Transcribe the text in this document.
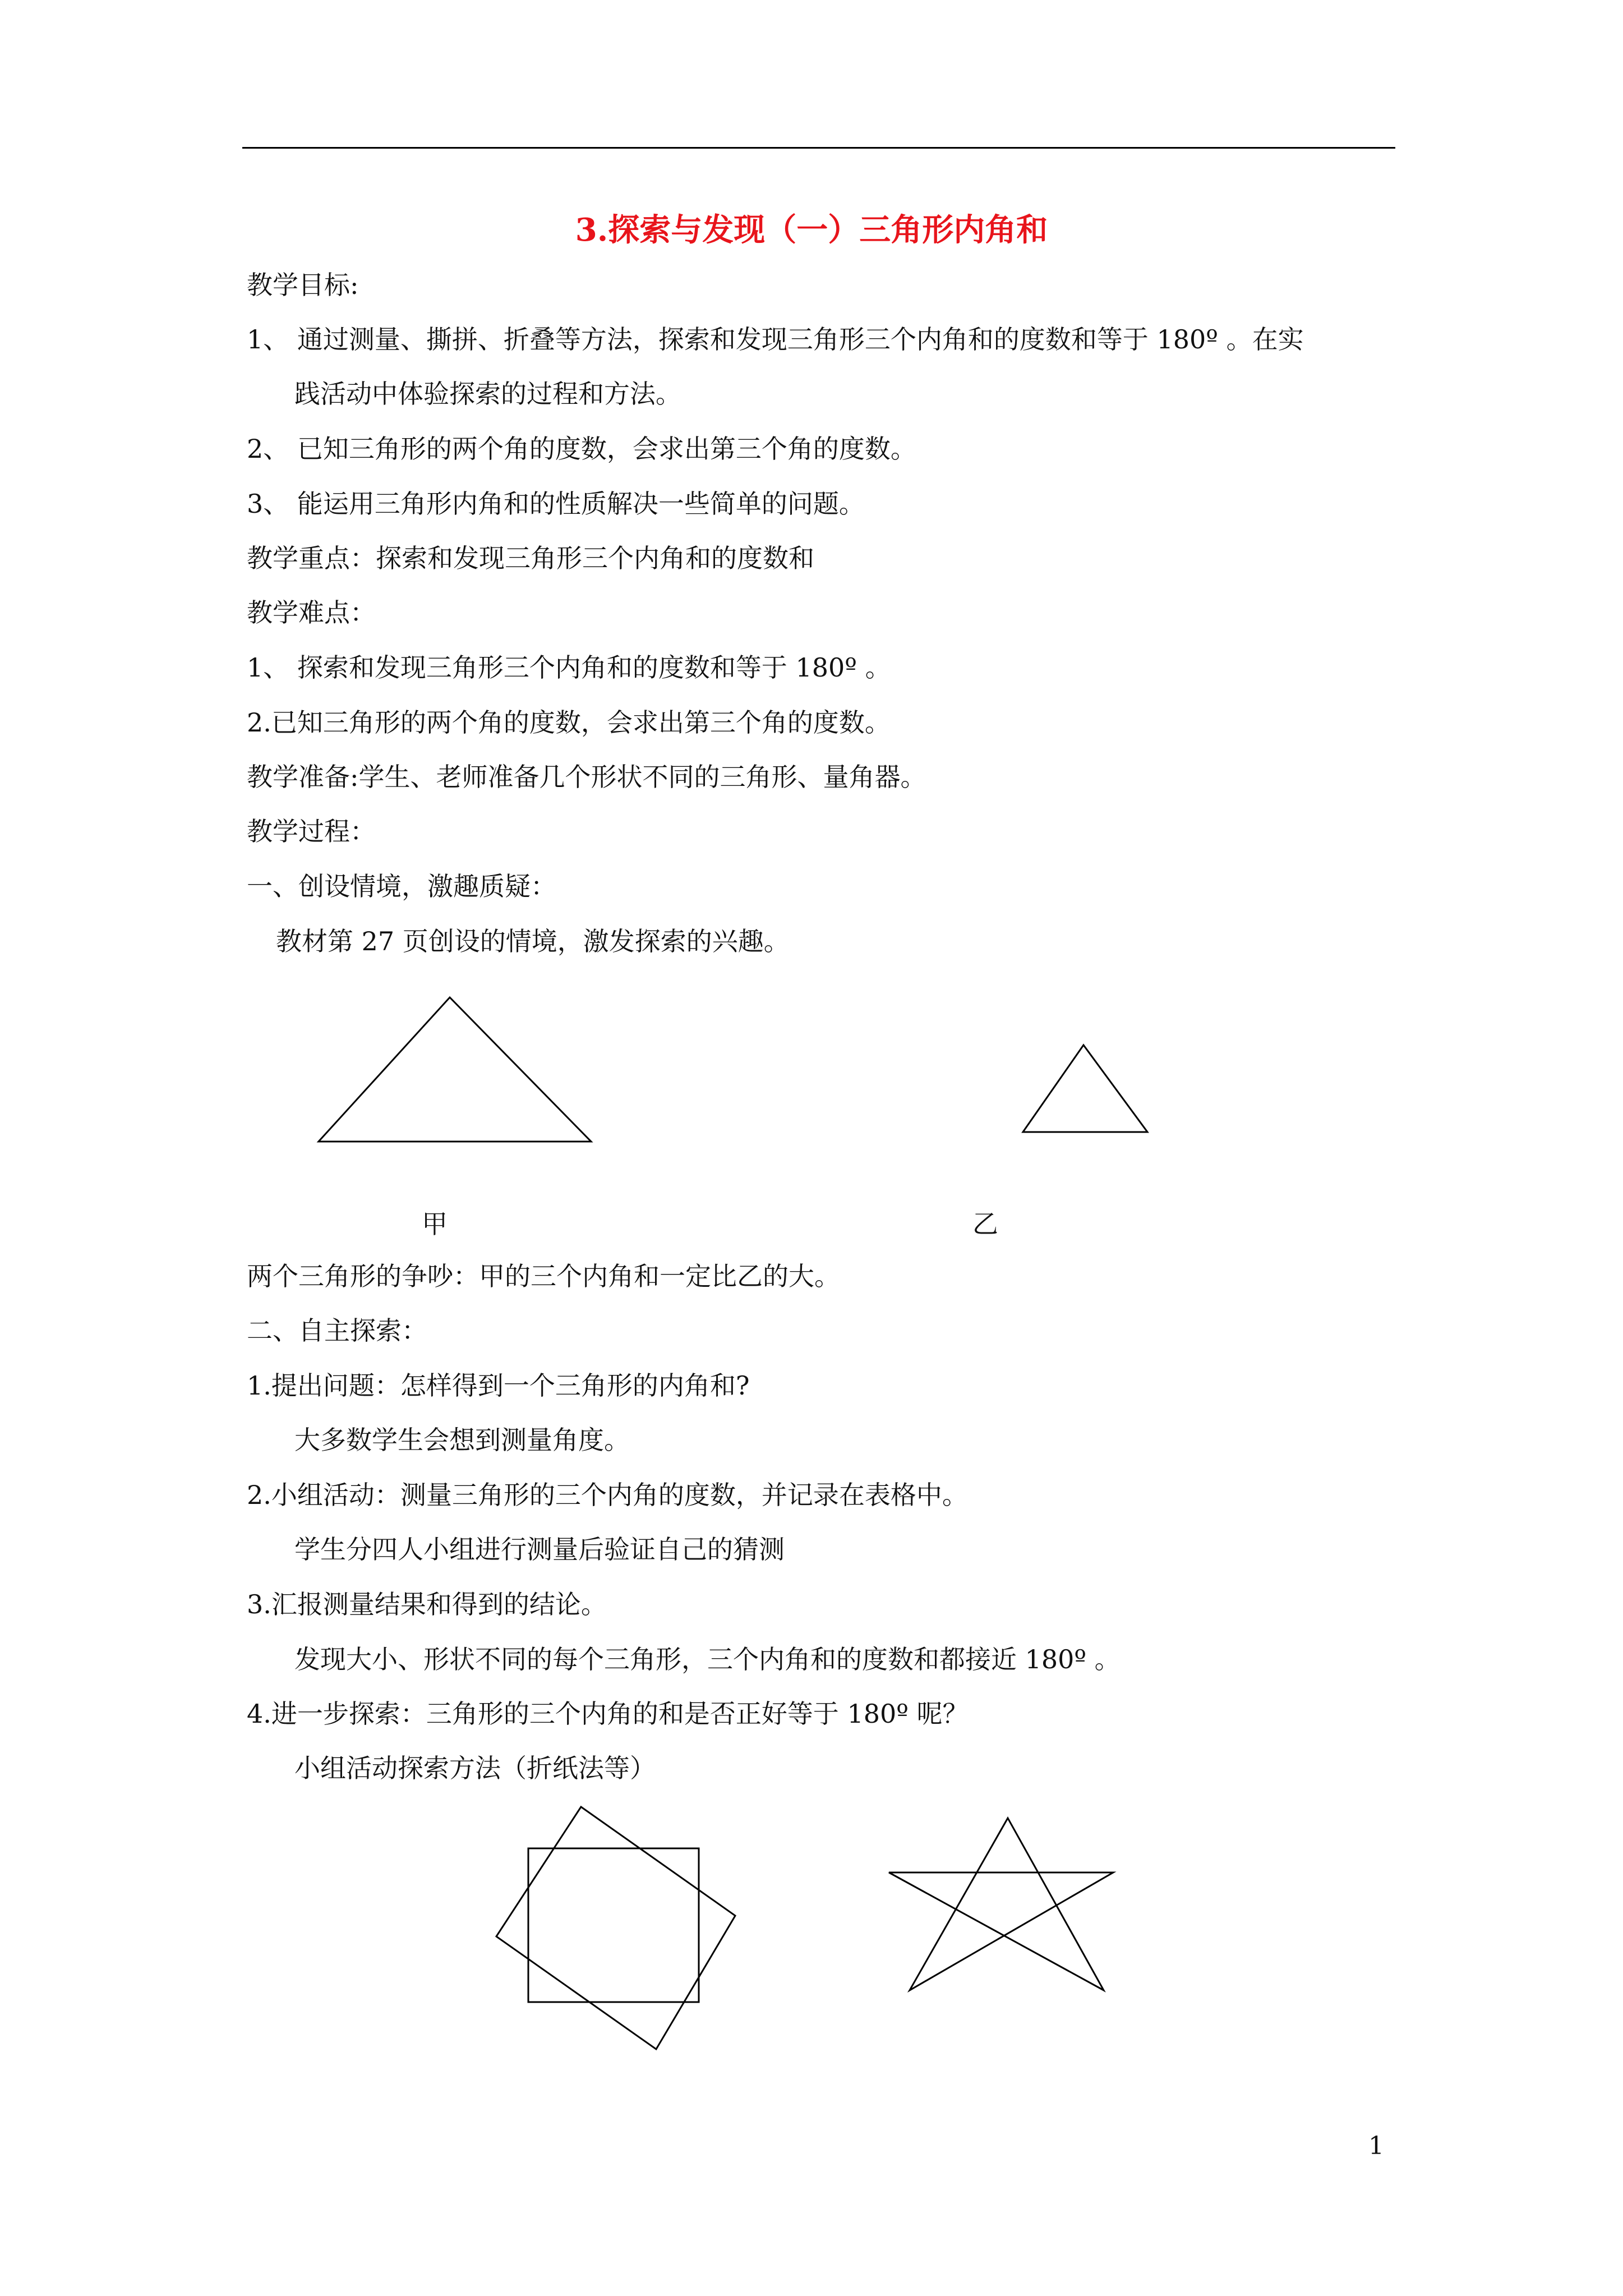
3.探索与发现（一）三角形内角和
教学目标:
1、 通过测量、撕拼、折叠等方法，探索和发现三角形三个内角和的度数和等于 180º 。在实
践活动中体验探索的过程和方法。
2、 已知三角形的两个角的度数，会求出第三个角的度数。
3、 能运用三角形内角和的性质解决一些简单的问题。
教学重点：探索和发现三角形三个内角和的度数和
教学难点：
1、 探索和发现三角形三个内角和的度数和等于 180º 。
2.已知三角形的两个角的度数，会求出第三个角的度数。
教学准备:学生、老师准备几个形状不同的三角形、量角器。
教学过程：
一、创设情境，激趣质疑：
教材第 27 页创设的情境，激发探索的兴趣。
甲	乙
两个三角形的争吵：甲的三个内角和一定比乙的大。
二、自主探索：
1.提出问题：怎样得到一个三角形的内角和?
大多数学生会想到测量角度。
2.小组活动：测量三角形的三个内角的度数，并记录在表格中。
学生分四人小组进行测量后验证自己的猜测
3.汇报测量结果和得到的结论。
发现大小、形状不同的每个三角形，三个内角和的度数和都接近 180º 。
4.进一步探索：三角形的三个内角的和是否正好等于 180º 呢？
小组活动探索方法（折纸法等）
1
